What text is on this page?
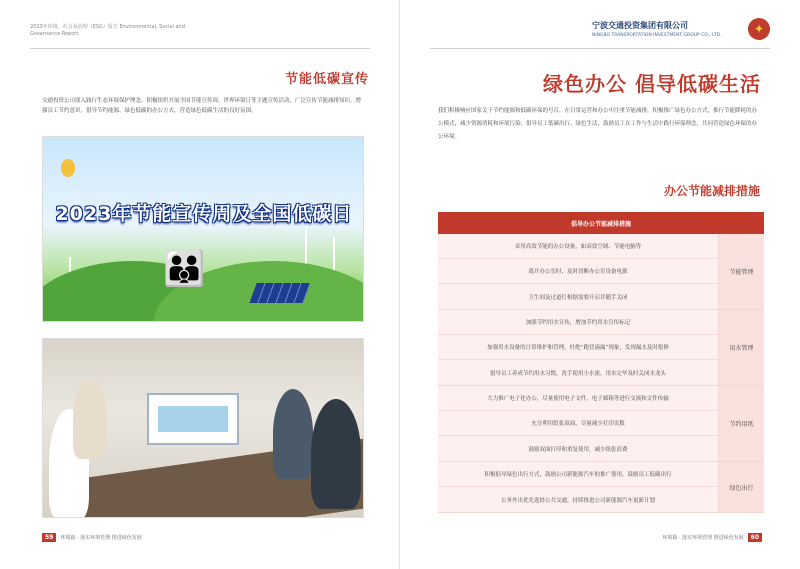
2023年环境、社会及治理（ESG）报告 Environmental, Social and Governance Report
节能低碳宣传
交通投资公司深入践行生态环境保护理念，积极组织开展全国节能宣传周、世界环境日等主题宣传活动，广泛宣传节能减排知识，增强员工节约意识，倡导节约能源、绿色低碳的办公方式，营造绿色低碳生活的良好氛围。
👪
2023年节能宣传周及全国低碳日
59	环境篇 · 落实环境管理 推进绿色发展
宁波交通投资集团有限公司
NINGBO TRANSPORTATION INVESTMENT GROUP CO., LTD.	✦
绿色办公 倡导低碳生活
我们积极响应国家关于节约能源和低碳环保的号召，在日常运营和办公中注重节能减排，积极推广绿色办公方式，推行节能降耗的办公模式，减少资源消耗和环境污染；倡导员工低碳出行、绿色生活，鼓励员工在工作与生活中践行环保理念，共同营造绿色环保的办公环境。
办公节能减排措施
倡导办公节能减排措施
采用高效节能的办公设备，如高效空调、节能电脑等
离开办公室时，及时切断办公室设备电源
卫生间及过道灯根据需要开启并随手关闭
节能管理
加强节约用水宣传，增加节约用水宣传标记
加强用水设备的日常维护和管理，杜绝“跑冒滴漏”现象，发现漏水及时报修
倡导员工养成节约用水习惯，洗手使用小水流，用水完毕及时关闭水龙头
用水管理
大力推广电子化办公，尽量使用电子文件，电子邮箱等进行交流和文件传输
充分利用纸张双面，尽量减少打印页数
鼓励双面打印和重复使用，减少纸张浪费
节约用纸
积极倡导绿色出行方式，鼓励公司新能源汽车的推广使用，鼓励员工低碳出行
公务外出优先选择公共交通，持续推进公司新能源汽车更新计划
绿色出行
环境篇 · 落实环境管理 推进绿色发展	60
